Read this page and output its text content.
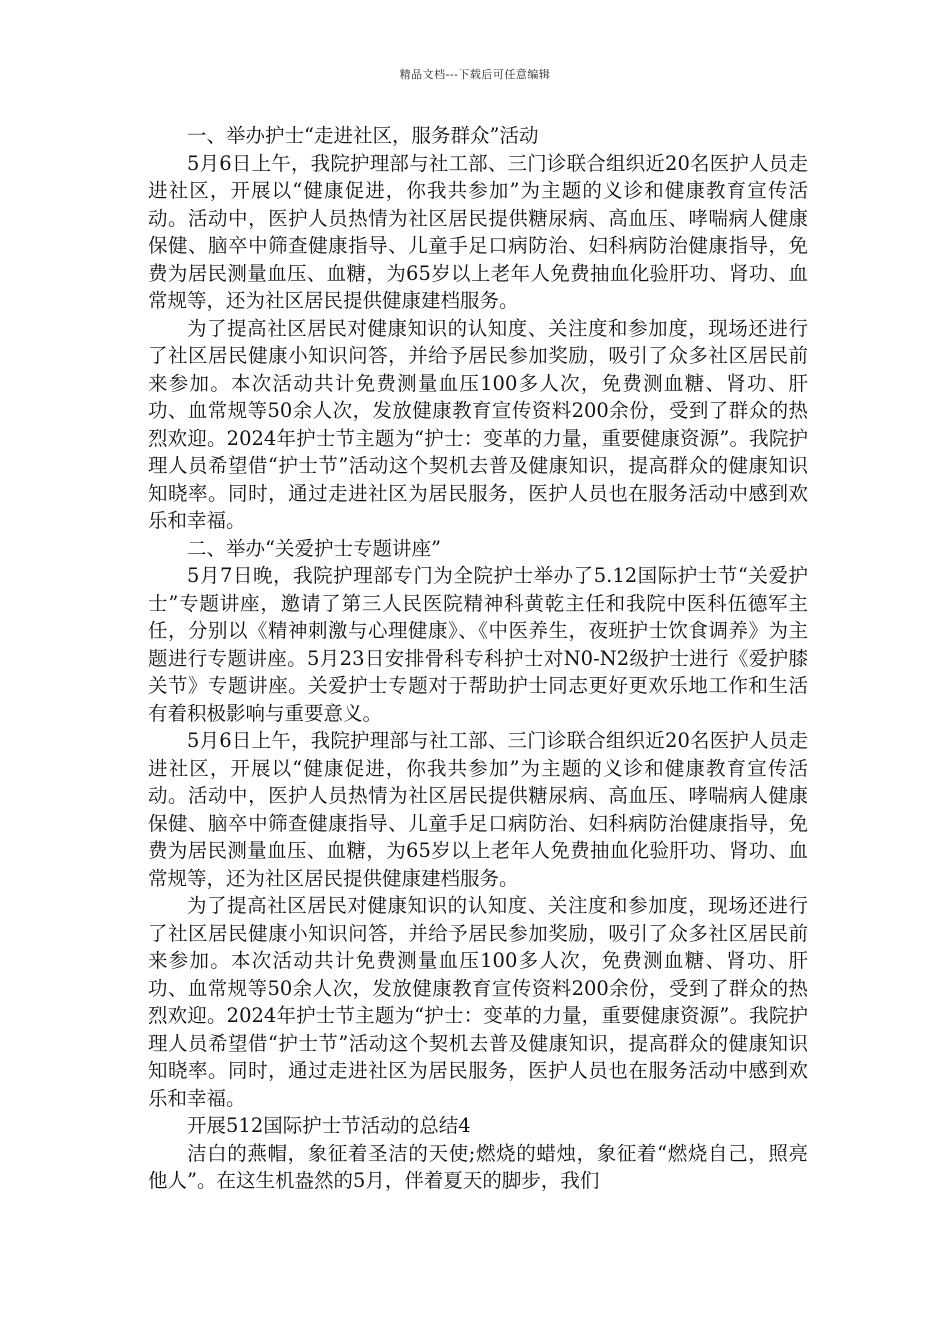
精品文档---下载后可任意编辑

一、举办护士“走进社区，服务群众”活动

5月6日上午，我院护理部与社工部、三门诊联合组织近20名医护人员走进社区，开展以“健康促进，你我共参加”为主题的义诊和健康教育宣传活动。活动中，医护人员热情为社区居民提供糖尿病、高血压、哮喘病人健康保健、脑卒中筛查健康指导、儿童手足口病防治、妇科病防治健康指导，免费为居民测量血压、血糖，为65岁以上老年人免费抽血化验肝功、肾功、血常规等，还为社区居民提供健康建档服务。

为了提高社区居民对健康知识的认知度、关注度和参加度，现场还进行了社区居民健康小知识问答，并给予居民参加奖励，吸引了众多社区居民前来参加。本次活动共计免费测量血压100多人次，免费测血糖、肾功、肝功、血常规等50余人次，发放健康教育宣传资料200余份，受到了群众的热烈欢迎。2024年护士节主题为“护士：变革的力量，重要健康资源”。我院护理人员希望借“护士节”活动这个契机去普及健康知识，提高群众的健康知识知晓率。同时，通过走进社区为居民服务，医护人员也在服务活动中感到欢乐和幸福。

二、举办“关爱护士专题讲座”

5月7日晚，我院护理部专门为全院护士举办了5.12国际护士节“关爱护士”专题讲座，邀请了第三人民医院精神科黄乾主任和我院中医科伍德军主任，分别以《精神刺激与心理健康》、《中医养生，夜班护士饮食调养》为主题进行专题讲座。5月23日安排骨科专科护士对N0-N2级护士进行《爱护膝关节》专题讲座。关爱护士专题对于帮助护士同志更好更欢乐地工作和生活有着积极影响与重要意义。

5月6日上午，我院护理部与社工部、三门诊联合组织近20名医护人员走进社区，开展以“健康促进，你我共参加”为主题的义诊和健康教育宣传活动。活动中，医护人员热情为社区居民提供糖尿病、高血压、哮喘病人健康保健、脑卒中筛查健康指导、儿童手足口病防治、妇科病防治健康指导，免费为居民测量血压、血糖，为65岁以上老年人免费抽血化验肝功、肾功、血常规等，还为社区居民提供健康建档服务。

为了提高社区居民对健康知识的认知度、关注度和参加度，现场还进行了社区居民健康小知识问答，并给予居民参加奖励，吸引了众多社区居民前来参加。本次活动共计免费测量血压100多人次，免费测血糖、肾功、肝功、血常规等50余人次，发放健康教育宣传资料200余份，受到了群众的热烈欢迎。2024年护士节主题为“护士：变革的力量，重要健康资源”。我院护理人员希望借“护士节”活动这个契机去普及健康知识，提高群众的健康知识知晓率。同时，通过走进社区为居民服务，医护人员也在服务活动中感到欢乐和幸福。

开展512国际护士节活动的总结4

洁白的燕帽，象征着圣洁的天使;燃烧的蜡烛，象征着“燃烧自己，照亮他人”。在这生机盎然的5月，伴着夏天的脚步，我们
